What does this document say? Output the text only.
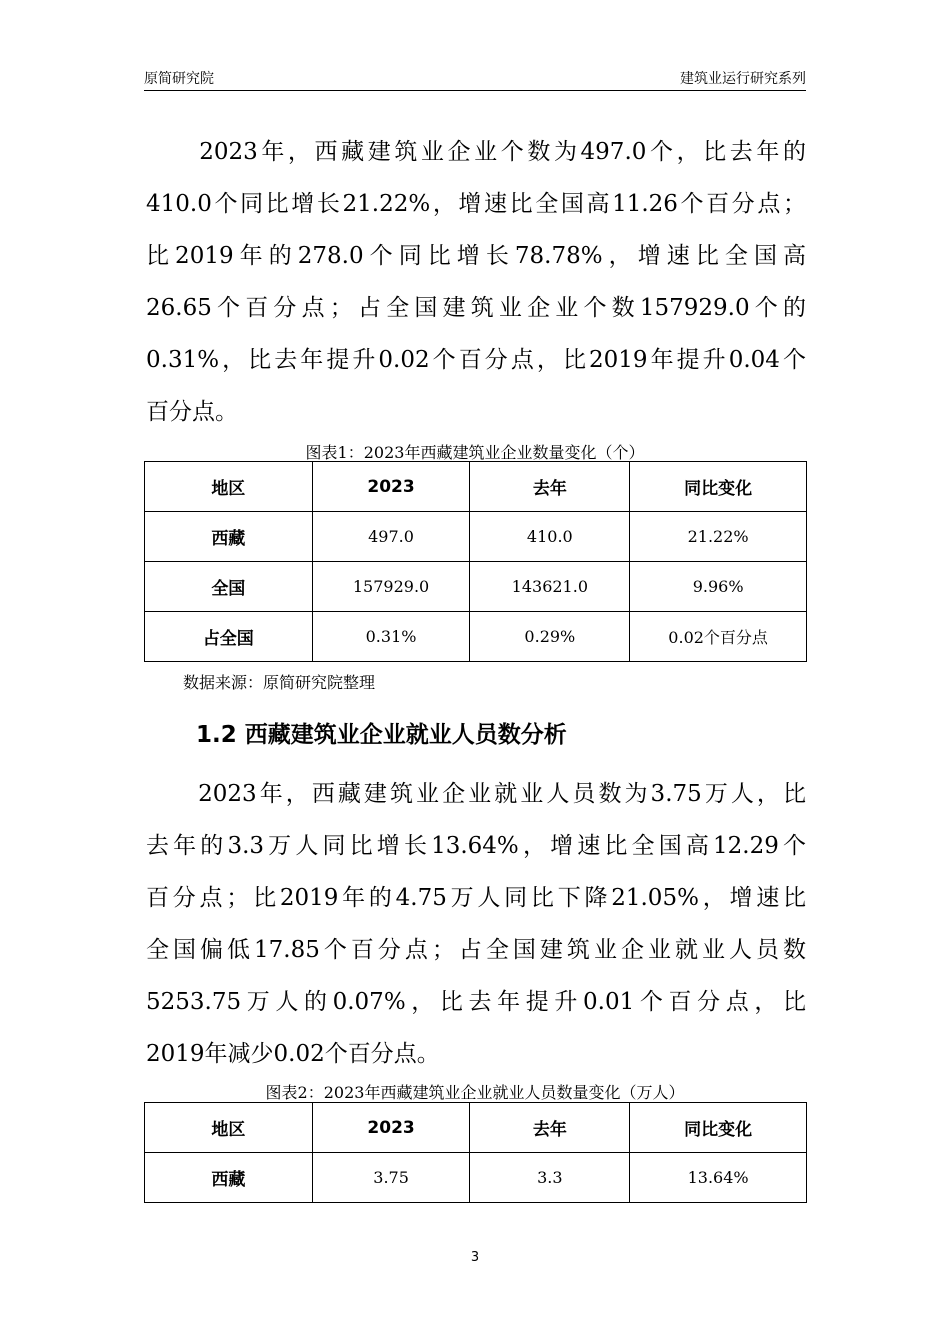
原简研究院	建筑业运行研究系列

　　2023年，西藏建筑业企业个数为497.0个，比去年的
410.0个同比增长21.22%，增速比全国高11.26个百分点；
比2019年的278.0个同比增长78.78%，增速比全国高
26.65个百分点；占全国建筑业企业个数157929.0个的
0.31%，比去年提升0.02个百分点，比2019年提升0.04个
百分点。

图表1：2023年西藏建筑业企业数量变化（个）
地区	2023	去年	同比变化
西藏	497.0	410.0	21.22%
全国	157929.0	143621.0	9.96%
占全国	0.31%	0.29%	0.02个百分点
数据来源：原简研究院整理
1.2 西藏建筑业企业就业人员数分析

　　2023年，西藏建筑业企业就业人员数为3.75万人，比
去年的3.3万人同比增长13.64%，增速比全国高12.29个
百分点；比2019年的4.75万人同比下降21.05%，增速比
全国偏低17.85个百分点；占全国建筑业企业就业人员数
5253.75万人的0.07%，比去年提升0.01个百分点，比
2019年减少0.02个百分点。

图表2：2023年西藏建筑业企业就业人员数量变化（万人）
地区	2023	去年	同比变化
西藏	3.75	3.3	13.64%
3
